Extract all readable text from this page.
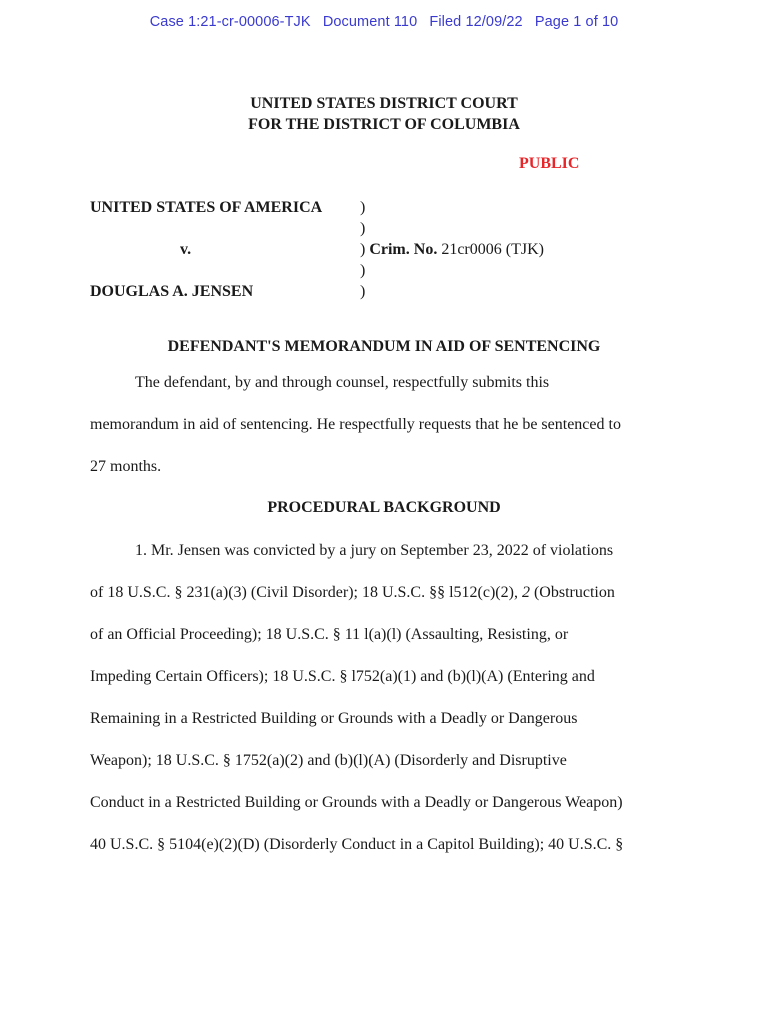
Case 1:21-cr-00006-TJK Document 110 Filed 12/09/22 Page 1 of 10
UNITED STATES DISTRICT COURT
FOR THE DISTRICT OF COLUMBIA
PUBLIC
UNITED STATES OF AMERICA
v.
DOUGLAS A. JENSEN
)
)
) Crim. No. 21cr0006 (TJK)
)
)
DEFENDANT'S MEMORANDUM IN AID OF SENTENCING
The defendant, by and through counsel, respectfully submits this
memorandum in aid of sentencing. He respectfully requests that he be sentenced to
27 months.
PROCEDURAL BACKGROUND
1. Mr. Jensen was convicted by a jury on September 23, 2022 of violations
of 18 U.S.C. § 231(a)(3) (Civil Disorder); 18 U.S.C. §§ l512(c)(2), 2 (Obstruction
of an Official Proceeding); 18 U.S.C. § 11 l(a)(l) (Assaulting, Resisting, or
Impeding Certain Officers); 18 U.S.C. § l752(a)(1) and (b)(l)(A) (Entering and
Remaining in a Restricted Building or Grounds with a Deadly or Dangerous
Weapon); 18 U.S.C. § 1752(a)(2) and (b)(l)(A) (Disorderly and Disruptive
Conduct in a Restricted Building or Grounds with a Deadly or Dangerous Weapon)
40 U.S.C. § 5104(e)(2)(D) (Disorderly Conduct in a Capitol Building); 40 U.S.C. §
